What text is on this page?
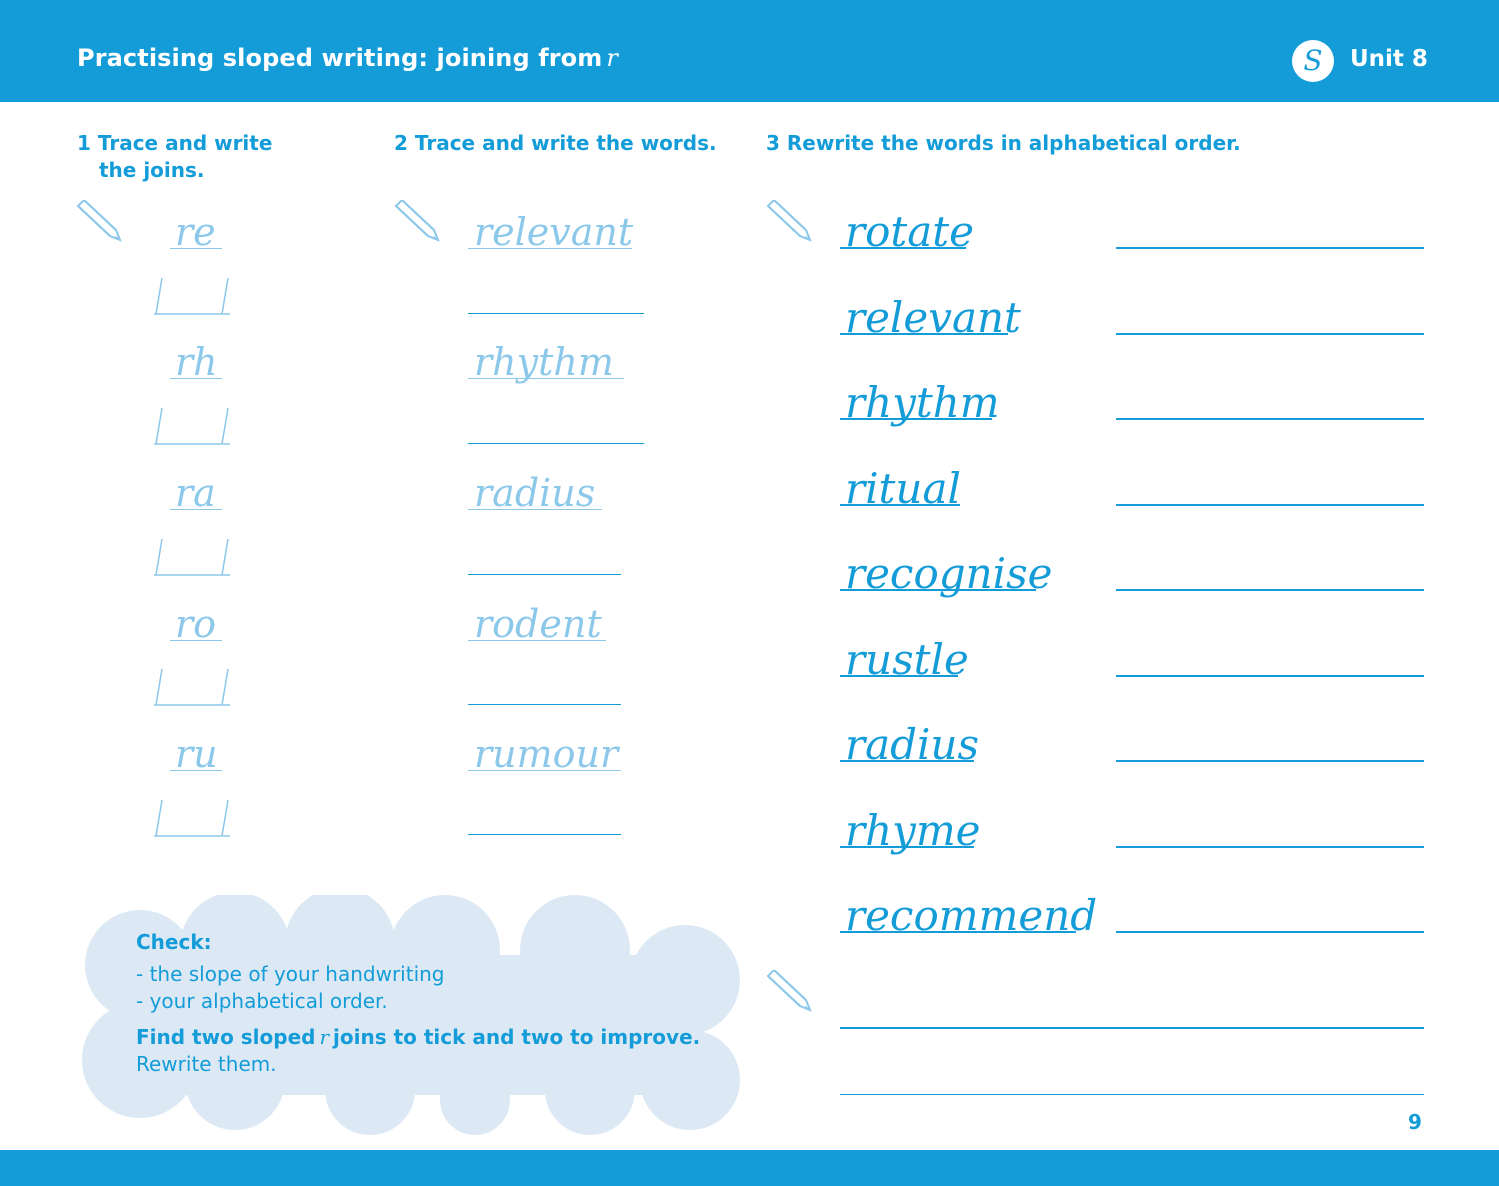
Practising sloped writing: joining from r	S	Unit 8
1 Trace and write
the joins.
re
rh
ra
ro
ru
2 Trace and write the words.
relevant
rhythm
radius
rodent
rumour
3 Rewrite the words in alphabetical order.
rotate
relevant
rhythm
ritual
recognise
rustle
radius
rhyme
recommend
Check:
- the slope of your handwriting
- your alphabetical order.
Find two sloped r joins to tick and two to improve.
Rewrite them.
9
